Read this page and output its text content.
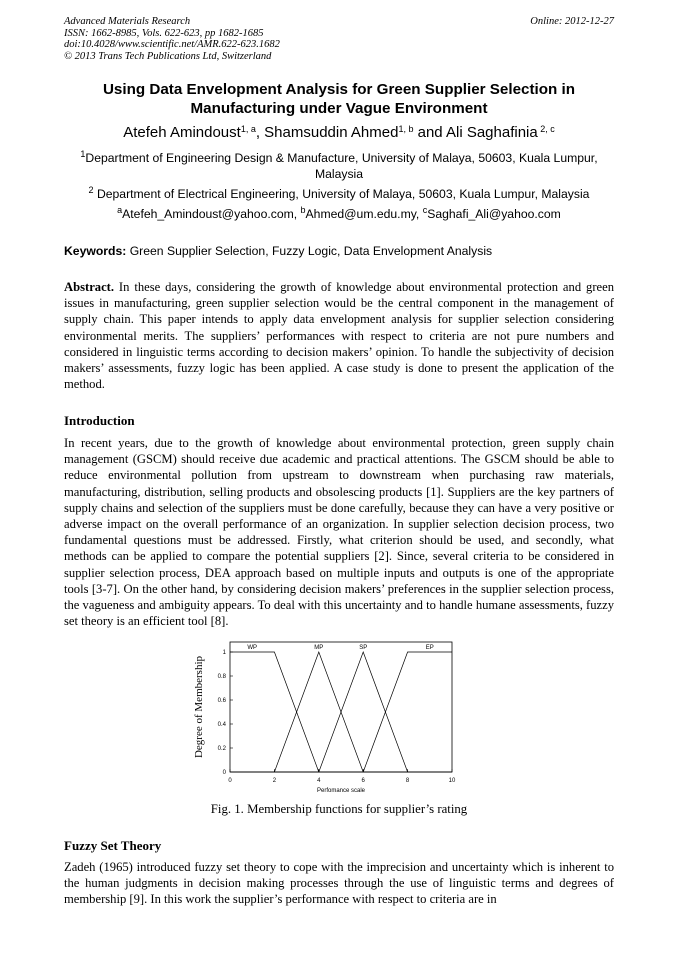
Advanced Materials Research
ISSN: 1662-8985, Vols. 622-623, pp 1682-1685
doi:10.4028/www.scientific.net/AMR.622-623.1682
© 2013 Trans Tech Publications Ltd, Switzerland
Online: 2012-12-27
Using Data Envelopment Analysis for Green Supplier Selection in
Manufacturing under Vague Environment
Atefeh Amindoust$^{1, a}$, Shamsuddin Ahmed$^{1, b}$ and Ali Saghafinia $^{2, c}$
$^1$Department of Engineering Design & Manufacture, University of Malaya, 50603, Kuala Lumpur, Malaysia
$^2$ Department of Electrical Engineering, University of Malaya, 50603, Kuala Lumpur, Malaysia
$^a$Atefeh_Amindoust@yahoo.com, $^b$Ahmed@um.edu.my, $^c$Saghafi_Ali@yahoo.com
Keywords: Green Supplier Selection, Fuzzy Logic, Data Envelopment Analysis
Abstract. In these days, considering the growth of knowledge about environmental protection and green issues in manufacturing, green supplier selection would be the central component in the management of supply chain. This paper intends to apply data envelopment analysis for supplier selection considering environmental merits. The suppliers’ performances with respect to criteria are not pure numbers and considered in linguistic terms according to decision makers’ opinion. To handle the subjectivity of decision makers’ assessments, fuzzy logic has been applied. A case study is done to present the application of the method.
Introduction
In recent years, due to the growth of knowledge about environmental protection, green supply chain management (GSCM) should receive due academic and practical attentions. The GSCM should be able to reduce environmental pollution from upstream to downstream when purchasing raw materials, manufacturing, distribution, selling products and obsolescing products [1]. Suppliers are the key partners of supply chains and selection of the suppliers must be done carefully, because they can have a very positive or adverse impact on the overall performance of an organization. In supplier selection decision process, two fundamental questions must be addressed. Firstly, what criterion should be used, and secondly, what methods can be applied to compare the potential suppliers [2]. Since, several criteria to be considered in supplier selection process, DEA approach based on multiple inputs and outputs is one of the appropriate tools [3-7]. On the other hand, by considering decision makers’ preferences in the supplier selection process, the vagueness and ambiguity appears. To deal with this uncertainty and to handle humane assessments, fuzzy set theory is an efficient tool [8].
0	2	4	6	8	10
0
0.2
0.4
0.6
0.8
1
Perfomance scale
Degree of Membership
WP	MP	SP	EP
Fig. 1. Membership functions for supplier’s rating
Fuzzy Set Theory
Zadeh (1965) introduced fuzzy set theory to cope with the imprecision and uncertainty which is inherent to the human judgments in decision making processes through the use of linguistic terms and degrees of membership [9]. In this work the supplier’s performance with respect to criteria are in
